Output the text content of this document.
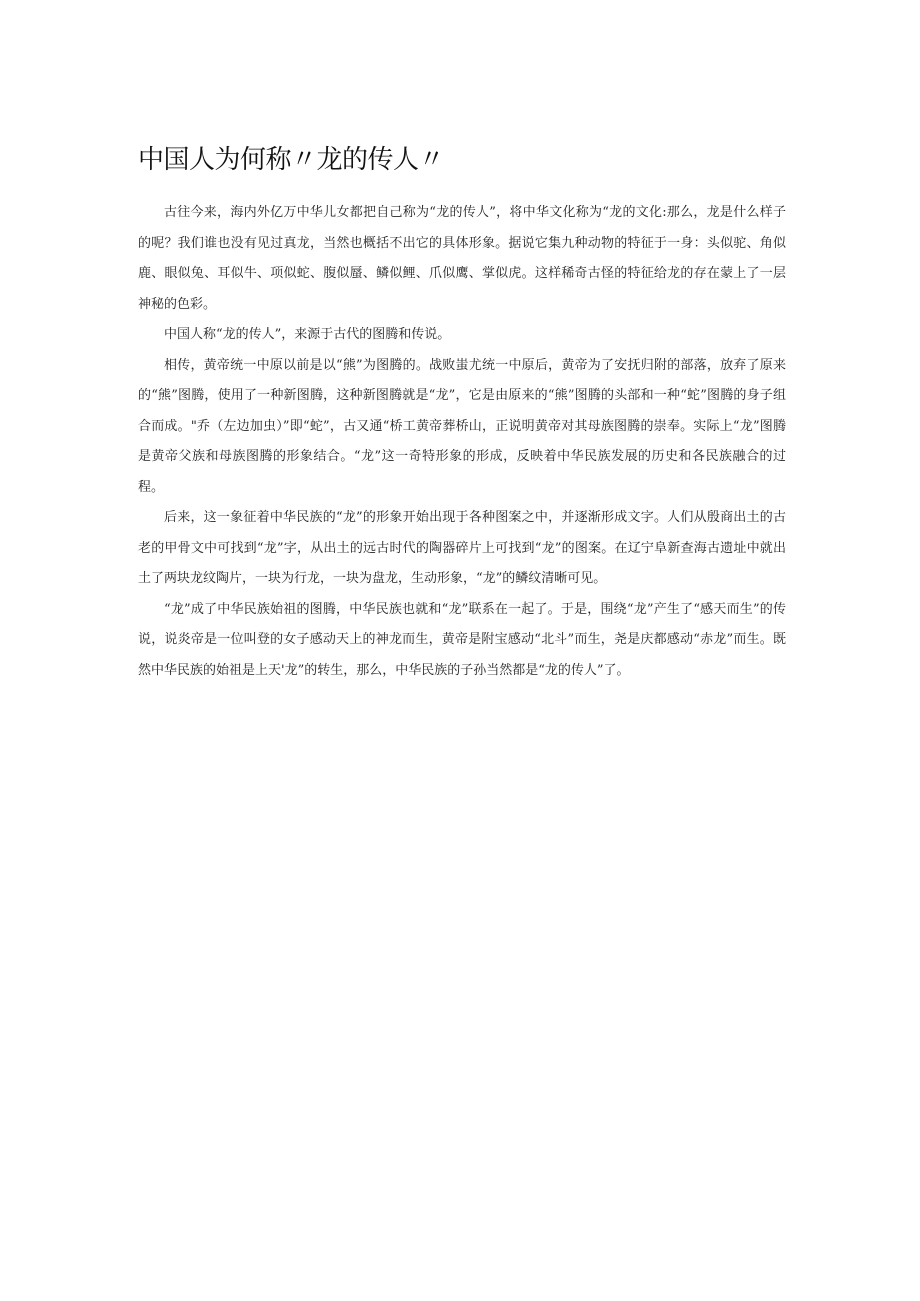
中国人为何称〃龙的传人〃

古往今来，海内外亿万中华儿女都把自己称为“龙的传人”，将中华文化称为“龙的文化:那么，龙是什么样子的呢？我们谁也没有见过真龙，当然也概括不出它的具体形象。据说它集九种动物的特征于一身：头似驼、角似鹿、眼似兔、耳似牛、项似蛇、腹似蜃、鳞似鲤、爪似鹰、掌似虎。这样稀奇古怪的特征给龙的存在蒙上了一层神秘的色彩。

中国人称“龙的传人”，来源于古代的图腾和传说。

相传，黄帝统一中原以前是以“熊”为图腾的。战败蚩尤统一中原后，黄帝为了安抚归附的部落，放弃了原来的“熊”图腾，使用了一种新图腾，这种新图腾就是“龙”，它是由原来的“熊”图腾的头部和一种“蛇”图腾的身子组合而成。"乔（左边加虫）”即“蛇”，古又通“桥工黄帝葬桥山，正说明黄帝对其母族图腾的崇奉。实际上“龙”图腾是黄帝父族和母族图腾的形象结合。“龙”这一奇特形象的形成，反映着中华民族发展的历史和各民族融合的过程。

后来，这一象征着中华民族的“龙”的形象开始出现于各种图案之中，并逐渐形成文字。人们从殷商出土的古老的甲骨文中可找到“龙”字，从出土的远古时代的陶器碎片上可找到“龙”的图案。在辽宁阜新查海古遗址中就出土了两块龙纹陶片，一块为行龙，一块为盘龙，生动形象，“龙”的鳞纹清晰可见。

“龙”成了中华民族始祖的图腾，中华民族也就和“龙”联系在一起了。于是，围绕“龙”产生了“感天而生”的传说，说炎帝是一位叫登的女子感动天上的神龙而生，黄帝是附宝感动“北斗”而生，尧是庆都感动“赤龙”而生。既然中华民族的始祖是上天'龙”的转生，那么，中华民族的子孙当然都是“龙的传人”了。
